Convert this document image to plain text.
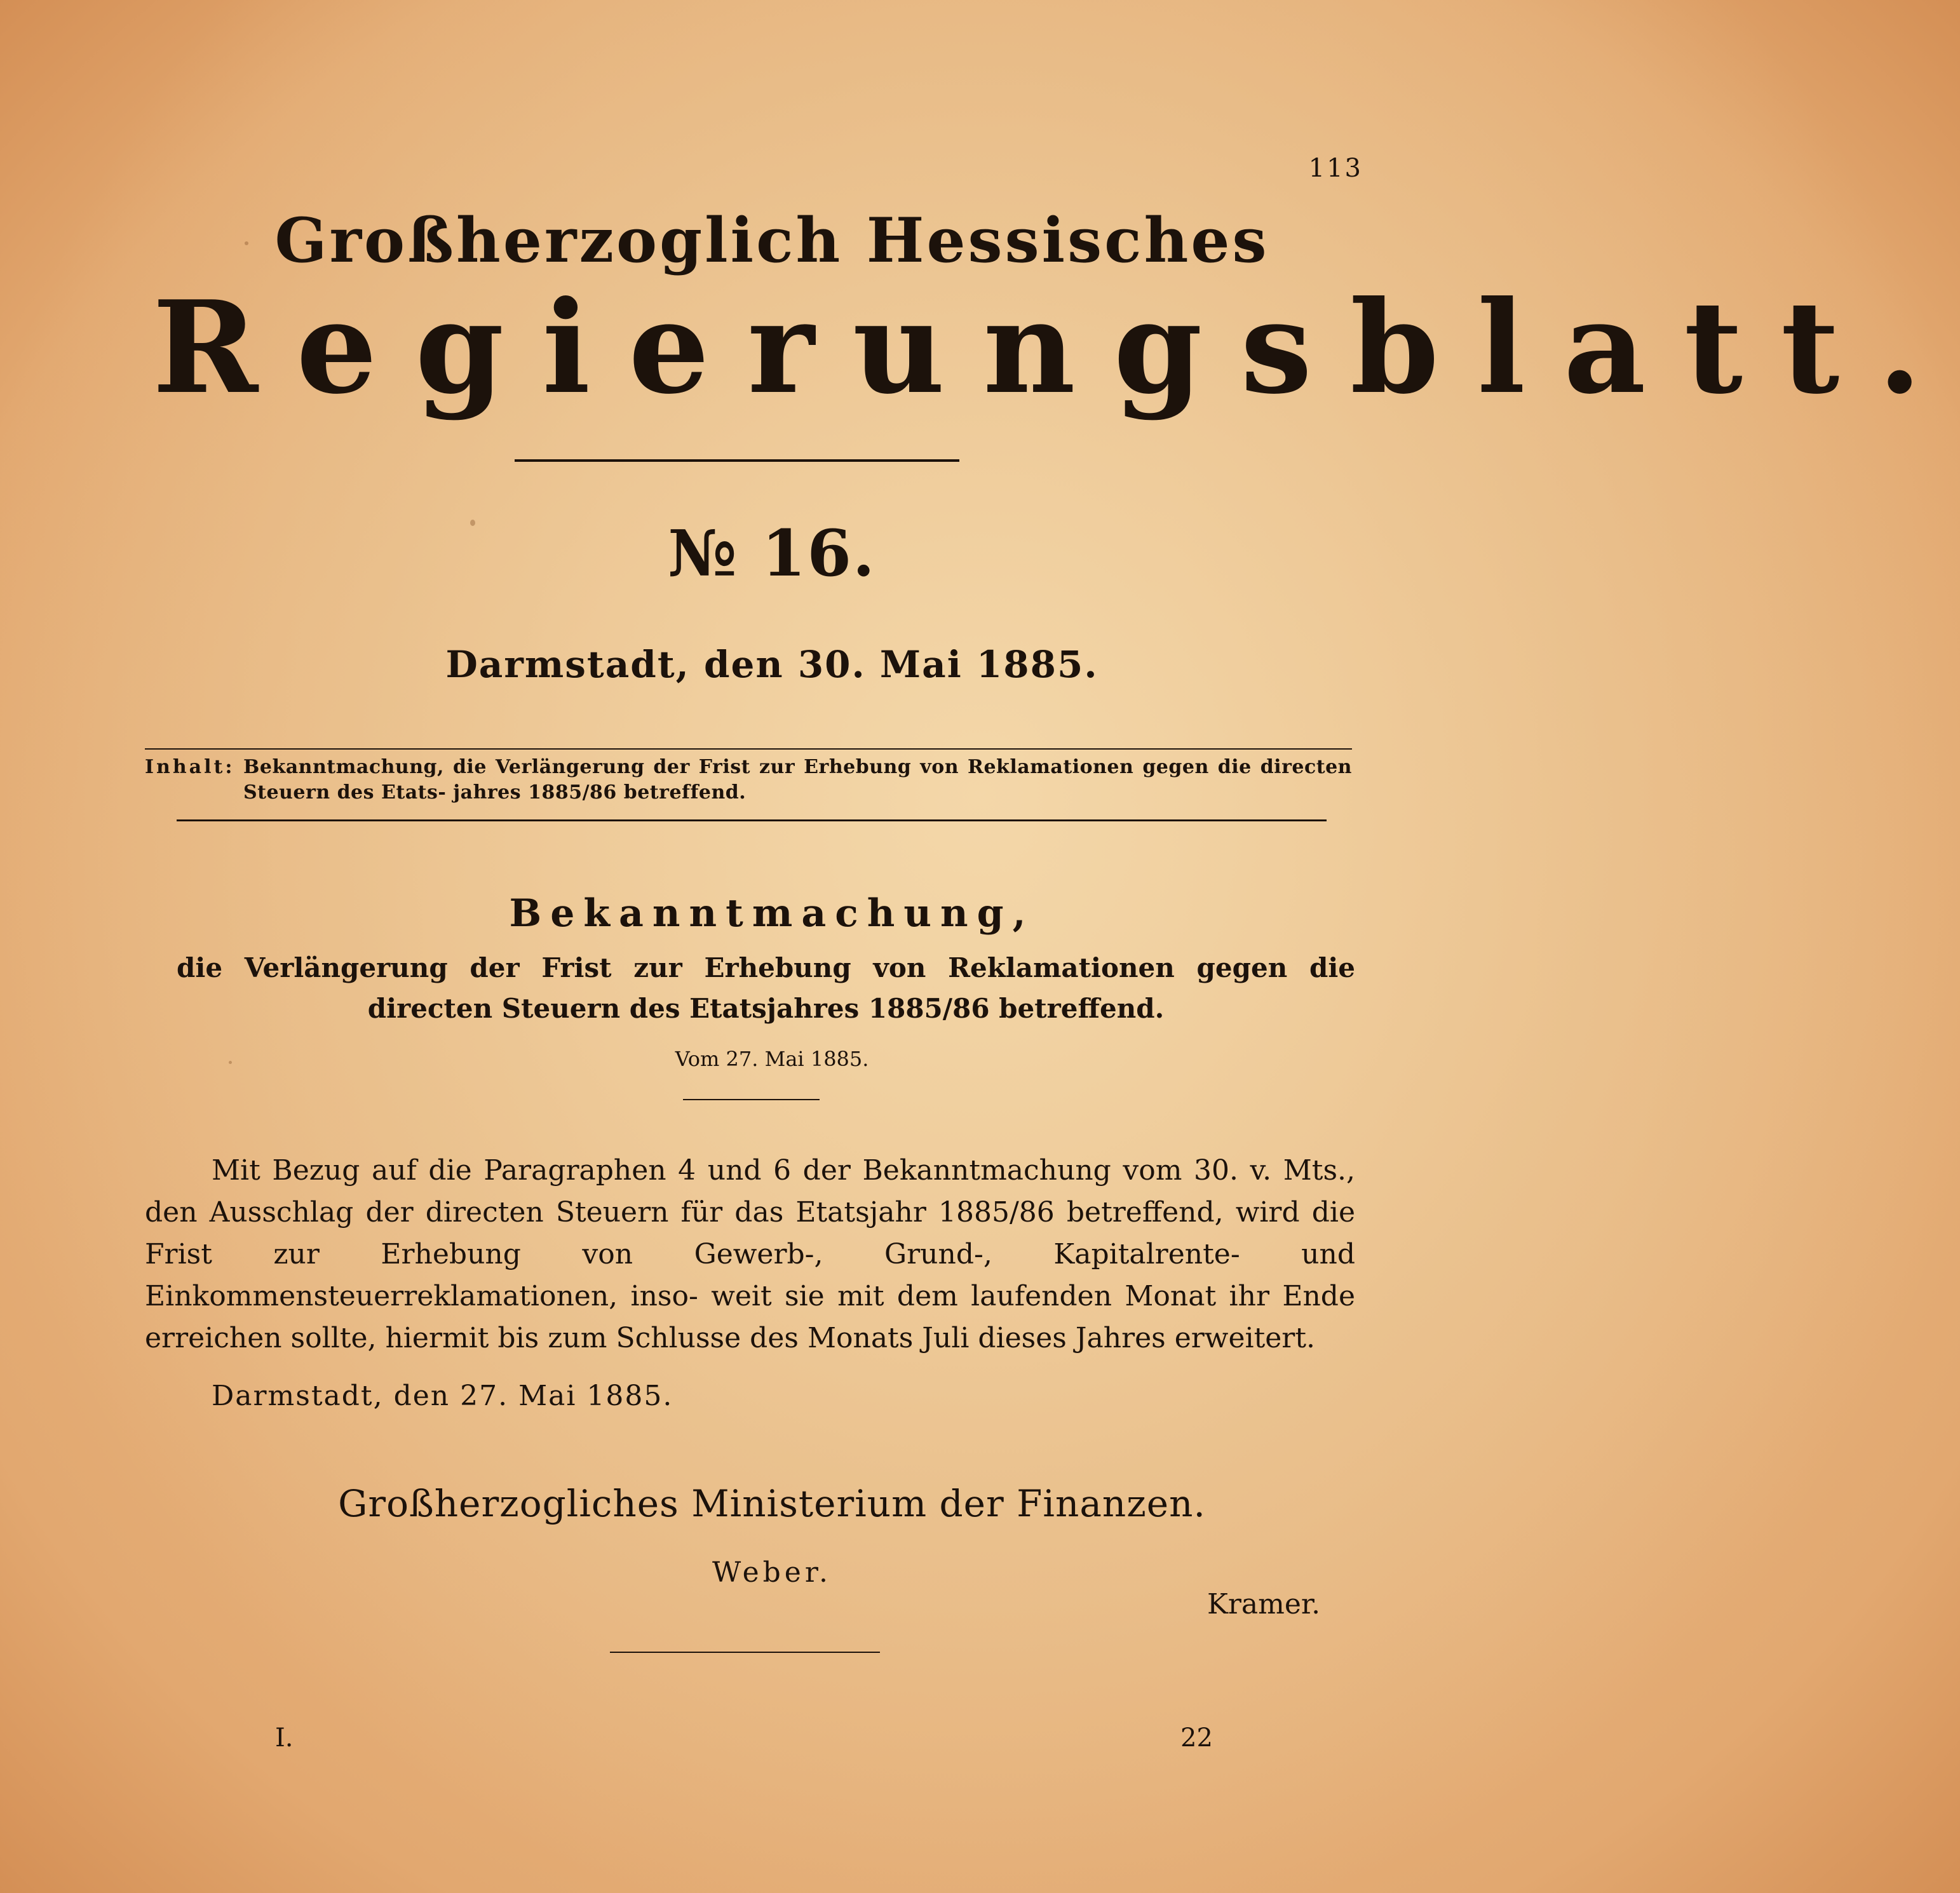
113
Großherzoglich Hessisches
Regierungsblatt.
№ 16.
Darmstadt, den 30. Mai 1885.
Inhalt: Bekanntmachung, die Verlängerung der Frist zur Erhebung von Reklamationen gegen die directen Steuern des Etats- jahres 1885/86 betreffend.
Bekanntmachung,
die Verlängerung der Frist zur Erhebung von Reklamationen gegen die directen Steuern des Etatsjahres 1885/86 betreffend.
Vom 27. Mai 1885.

Mit Bezug auf die Paragraphen 4 und 6 der Bekanntmachung vom 30. v. Mts., den Ausschlag der directen Steuern für das Etatsjahr 1885/86 betreffend, wird die Frist zur Erhebung von Gewerb-, Grund-, Kapitalrente- und Einkommensteuerreklamationen, inso- weit sie mit dem laufenden Monat ihr Ende erreichen sollte, hiermit bis zum Schlusse des Monats Juli dieses Jahres erweitert.

Darmstadt, den 27. Mai 1885.
Großherzogliches Ministerium der Finanzen.
Weber.
Kramer.
I.	22
